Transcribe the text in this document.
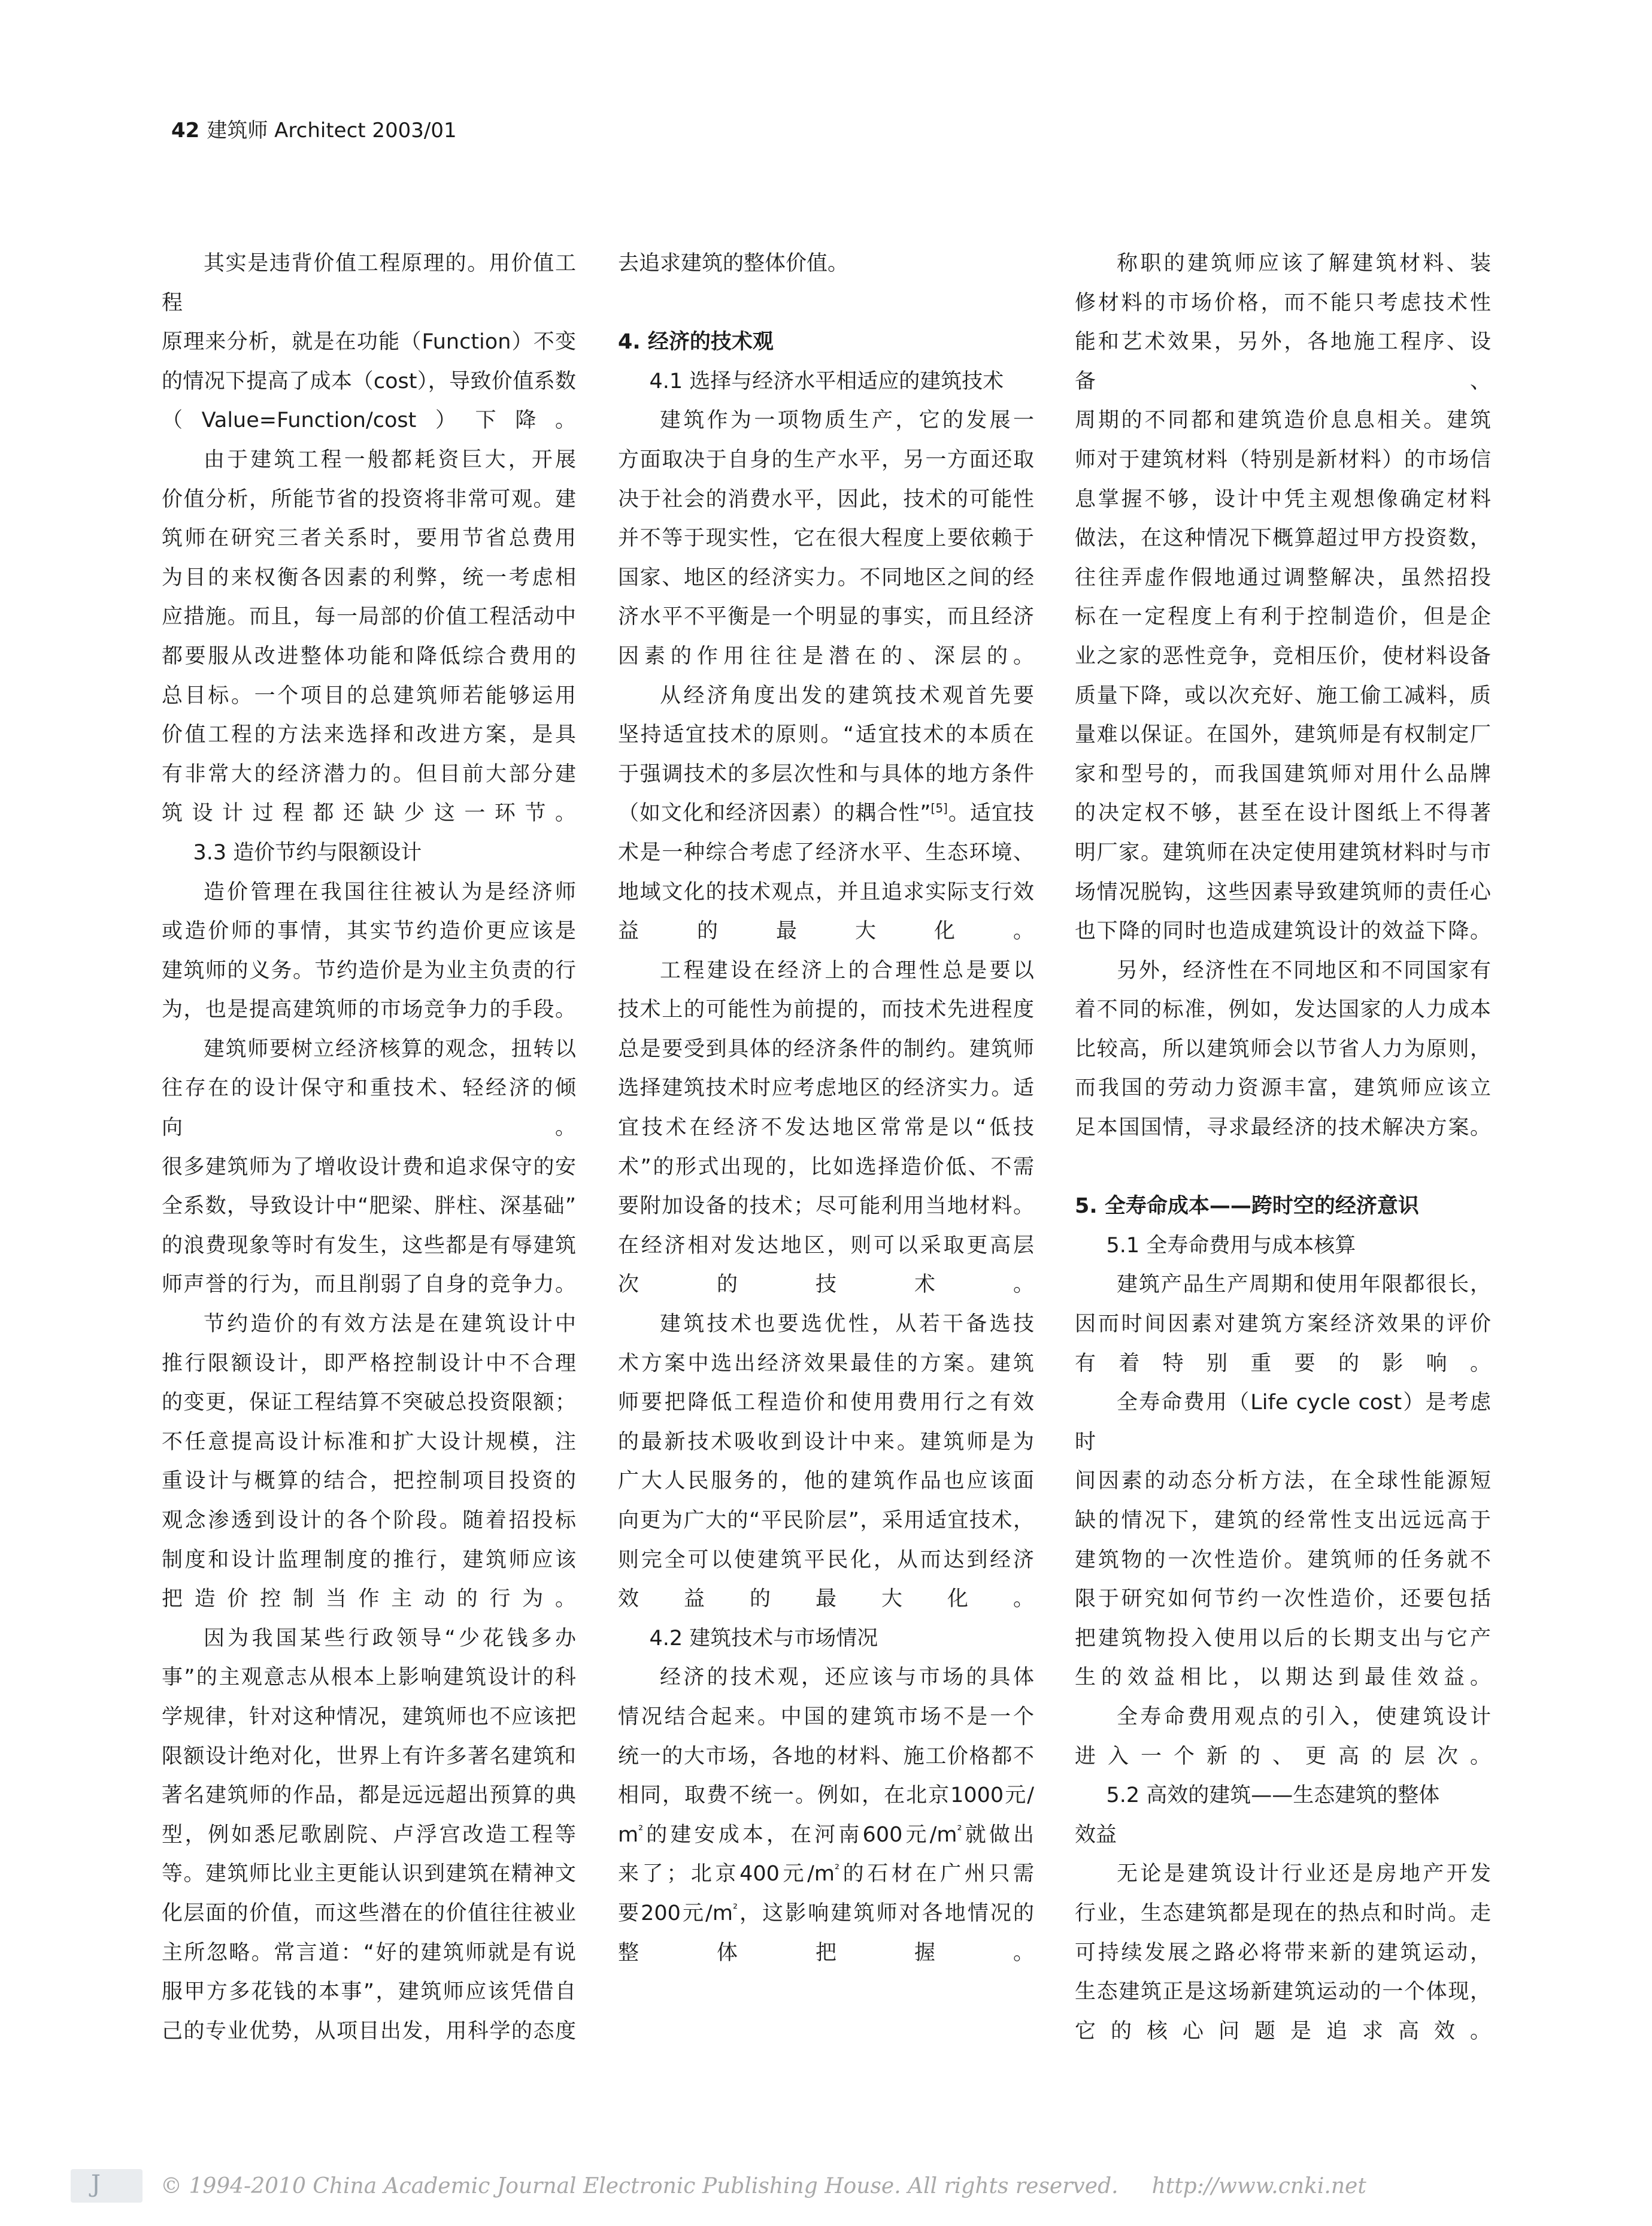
42 建筑师 Architect 2003/01

其实是违背价值工程原理的。用价值工程
原理来分析，就是在功能（Function）不变
的情况下提高了成本（cost），导致价值系数
（Value=Function/cost）下降。

由于建筑工程一般都耗资巨大，开展
价值分析，所能节省的投资将非常可观。建
筑师在研究三者关系时，要用节省总费用
为目的来权衡各因素的利弊，统一考虑相
应措施。而且，每一局部的价值工程活动中
都要服从改进整体功能和降低综合费用的
总目标。一个项目的总建筑师若能够运用
价值工程的方法来选择和改进方案，是具
有非常大的经济潜力的。但目前大部分建
筑设计过程都还缺少这一环节。

3.3 造价节约与限额设计

造价管理在我国往往被认为是经济师
或造价师的事情，其实节约造价更应该是
建筑师的义务。节约造价是为业主负责的行
为，也是提高建筑师的市场竞争力的手段。

建筑师要树立经济核算的观念，扭转以
往存在的设计保守和重技术、轻经济的倾向。
很多建筑师为了增收设计费和追求保守的安
全系数，导致设计中“肥梁、胖柱、深基础”
的浪费现象等时有发生，这些都是有辱建筑
师声誉的行为，而且削弱了自身的竞争力。

节约造价的有效方法是在建筑设计中
推行限额设计，即严格控制设计中不合理
的变更，保证工程结算不突破总投资限额；
不任意提高设计标准和扩大设计规模，注
重设计与概算的结合，把控制项目投资的
观念渗透到设计的各个阶段。随着招投标
制度和设计监理制度的推行，建筑师应该
把造价控制当作主动的行为。

因为我国某些行政领导“少花钱多办
事”的主观意志从根本上影响建筑设计的科
学规律，针对这种情况，建筑师也不应该把
限额设计绝对化，世界上有许多著名建筑和
著名建筑师的作品，都是远远超出预算的典
型，例如悉尼歌剧院、卢浮宫改造工程等
等。建筑师比业主更能认识到建筑在精神文
化层面的价值，而这些潜在的价值往往被业
主所忽略。常言道：“好的建筑师就是有说
服甲方多花钱的本事”，建筑师应该凭借自
己的专业优势，从项目出发，用科学的态度

去追求建筑的整体价值。

4. 经济的技术观

4.1 选择与经济水平相适应的建筑技术

建筑作为一项物质生产，它的发展一
方面取决于自身的生产水平，另一方面还取
决于社会的消费水平，因此，技术的可能性
并不等于现实性，它在很大程度上要依赖于
国家、地区的经济实力。不同地区之间的经
济水平不平衡是一个明显的事实，而且经济
因素的作用往往是潜在的、深层的。

从经济角度出发的建筑技术观首先要
坚持适宜技术的原则。“适宜技术的本质在
于强调技术的多层次性和与具体的地方条件
（如文化和经济因素）的耦合性”[5]。适宜技
术是一种综合考虑了经济水平、生态环境、
地域文化的技术观点，并且追求实际支行效
益的最大化。

工程建设在经济上的合理性总是要以
技术上的可能性为前提的，而技术先进程度
总是要受到具体的经济条件的制约。建筑师
选择建筑技术时应考虑地区的经济实力。适
宜技术在经济不发达地区常常是以“低技
术”的形式出现的，比如选择造价低、不需
要附加设备的技术；尽可能利用当地材料。
在经济相对发达地区，则可以采取更高层
次的技术。

建筑技术也要选优性，从若干备选技
术方案中选出经济效果最佳的方案。建筑
师要把降低工程造价和使用费用行之有效
的最新技术吸收到设计中来。建筑师是为
广大人民服务的，他的建筑作品也应该面
向更为广大的“平民阶层”，采用适宜技术，
则完全可以使建筑平民化，从而达到经济
效益的最大化。

4.2 建筑技术与市场情况

经济的技术观，还应该与市场的具体
情况结合起来。中国的建筑市场不是一个
统一的大市场，各地的材料、施工价格都不
相同，取费不统一。例如，在北京1000元/
$m^{^2}$的建安成本，在河南600元$/m^{^2}$就做出
来了；北京400元$/m^{^2}$的石材在广州只需
要200元$/m^{^2}$，这影响建筑师对各地情况的
整体把握。

称职的建筑师应该了解建筑材料、装
修材料的市场价格，而不能只考虑技术性
能和艺术效果，另外，各地施工程序、设备、
周期的不同都和建筑造价息息相关。建筑
师对于建筑材料（特别是新材料）的市场信
息掌握不够，设计中凭主观想像确定材料
做法，在这种情况下概算超过甲方投资数，
往往弄虚作假地通过调整解决，虽然招投
标在一定程度上有利于控制造价，但是企
业之家的恶性竞争，竞相压价，使材料设备
质量下降，或以次充好、施工偷工减料，质
量难以保证。在国外，建筑师是有权制定厂
家和型号的，而我国建筑师对用什么品牌
的决定权不够，甚至在设计图纸上不得著
明厂家。建筑师在决定使用建筑材料时与市
场情况脱钩，这些因素导致建筑师的责任心
也下降的同时也造成建筑设计的效益下降。

另外，经济性在不同地区和不同国家有
着不同的标准，例如，发达国家的人力成本
比较高，所以建筑师会以节省人力为原则，
而我国的劳动力资源丰富，建筑师应该立
足本国国情，寻求最经济的技术解决方案。

5. 全寿命成本——跨时空的经济意识

5.1 全寿命费用与成本核算

建筑产品生产周期和使用年限都很长，
因而时间因素对建筑方案经济效果的评价
有着特别重要的影响。

全寿命费用（Life cycle cost）是考虑时
间因素的动态分析方法，在全球性能源短
缺的情况下，建筑的经常性支出远远高于
建筑物的一次性造价。建筑师的任务就不
限于研究如何节约一次性造价，还要包括
把建筑物投入使用以后的长期支出与它产
生的效益相比，以期达到最佳效益。

全寿命费用观点的引入，使建筑设计
进入一个新的、更高的层次。

5.2 高效的建筑——生态建筑的整体
效益

无论是建筑设计行业还是房地产开发
行业，生态建筑都是现在的热点和时尚。走
可持续发展之路必将带来新的建筑运动，
生态建筑正是这场新建筑运动的一个体现，
它的核心问题是追求高效。

J	© 1994-2010 China Academic Journal Electronic Publishing House. All rights reserved. http://www.cnki.net
